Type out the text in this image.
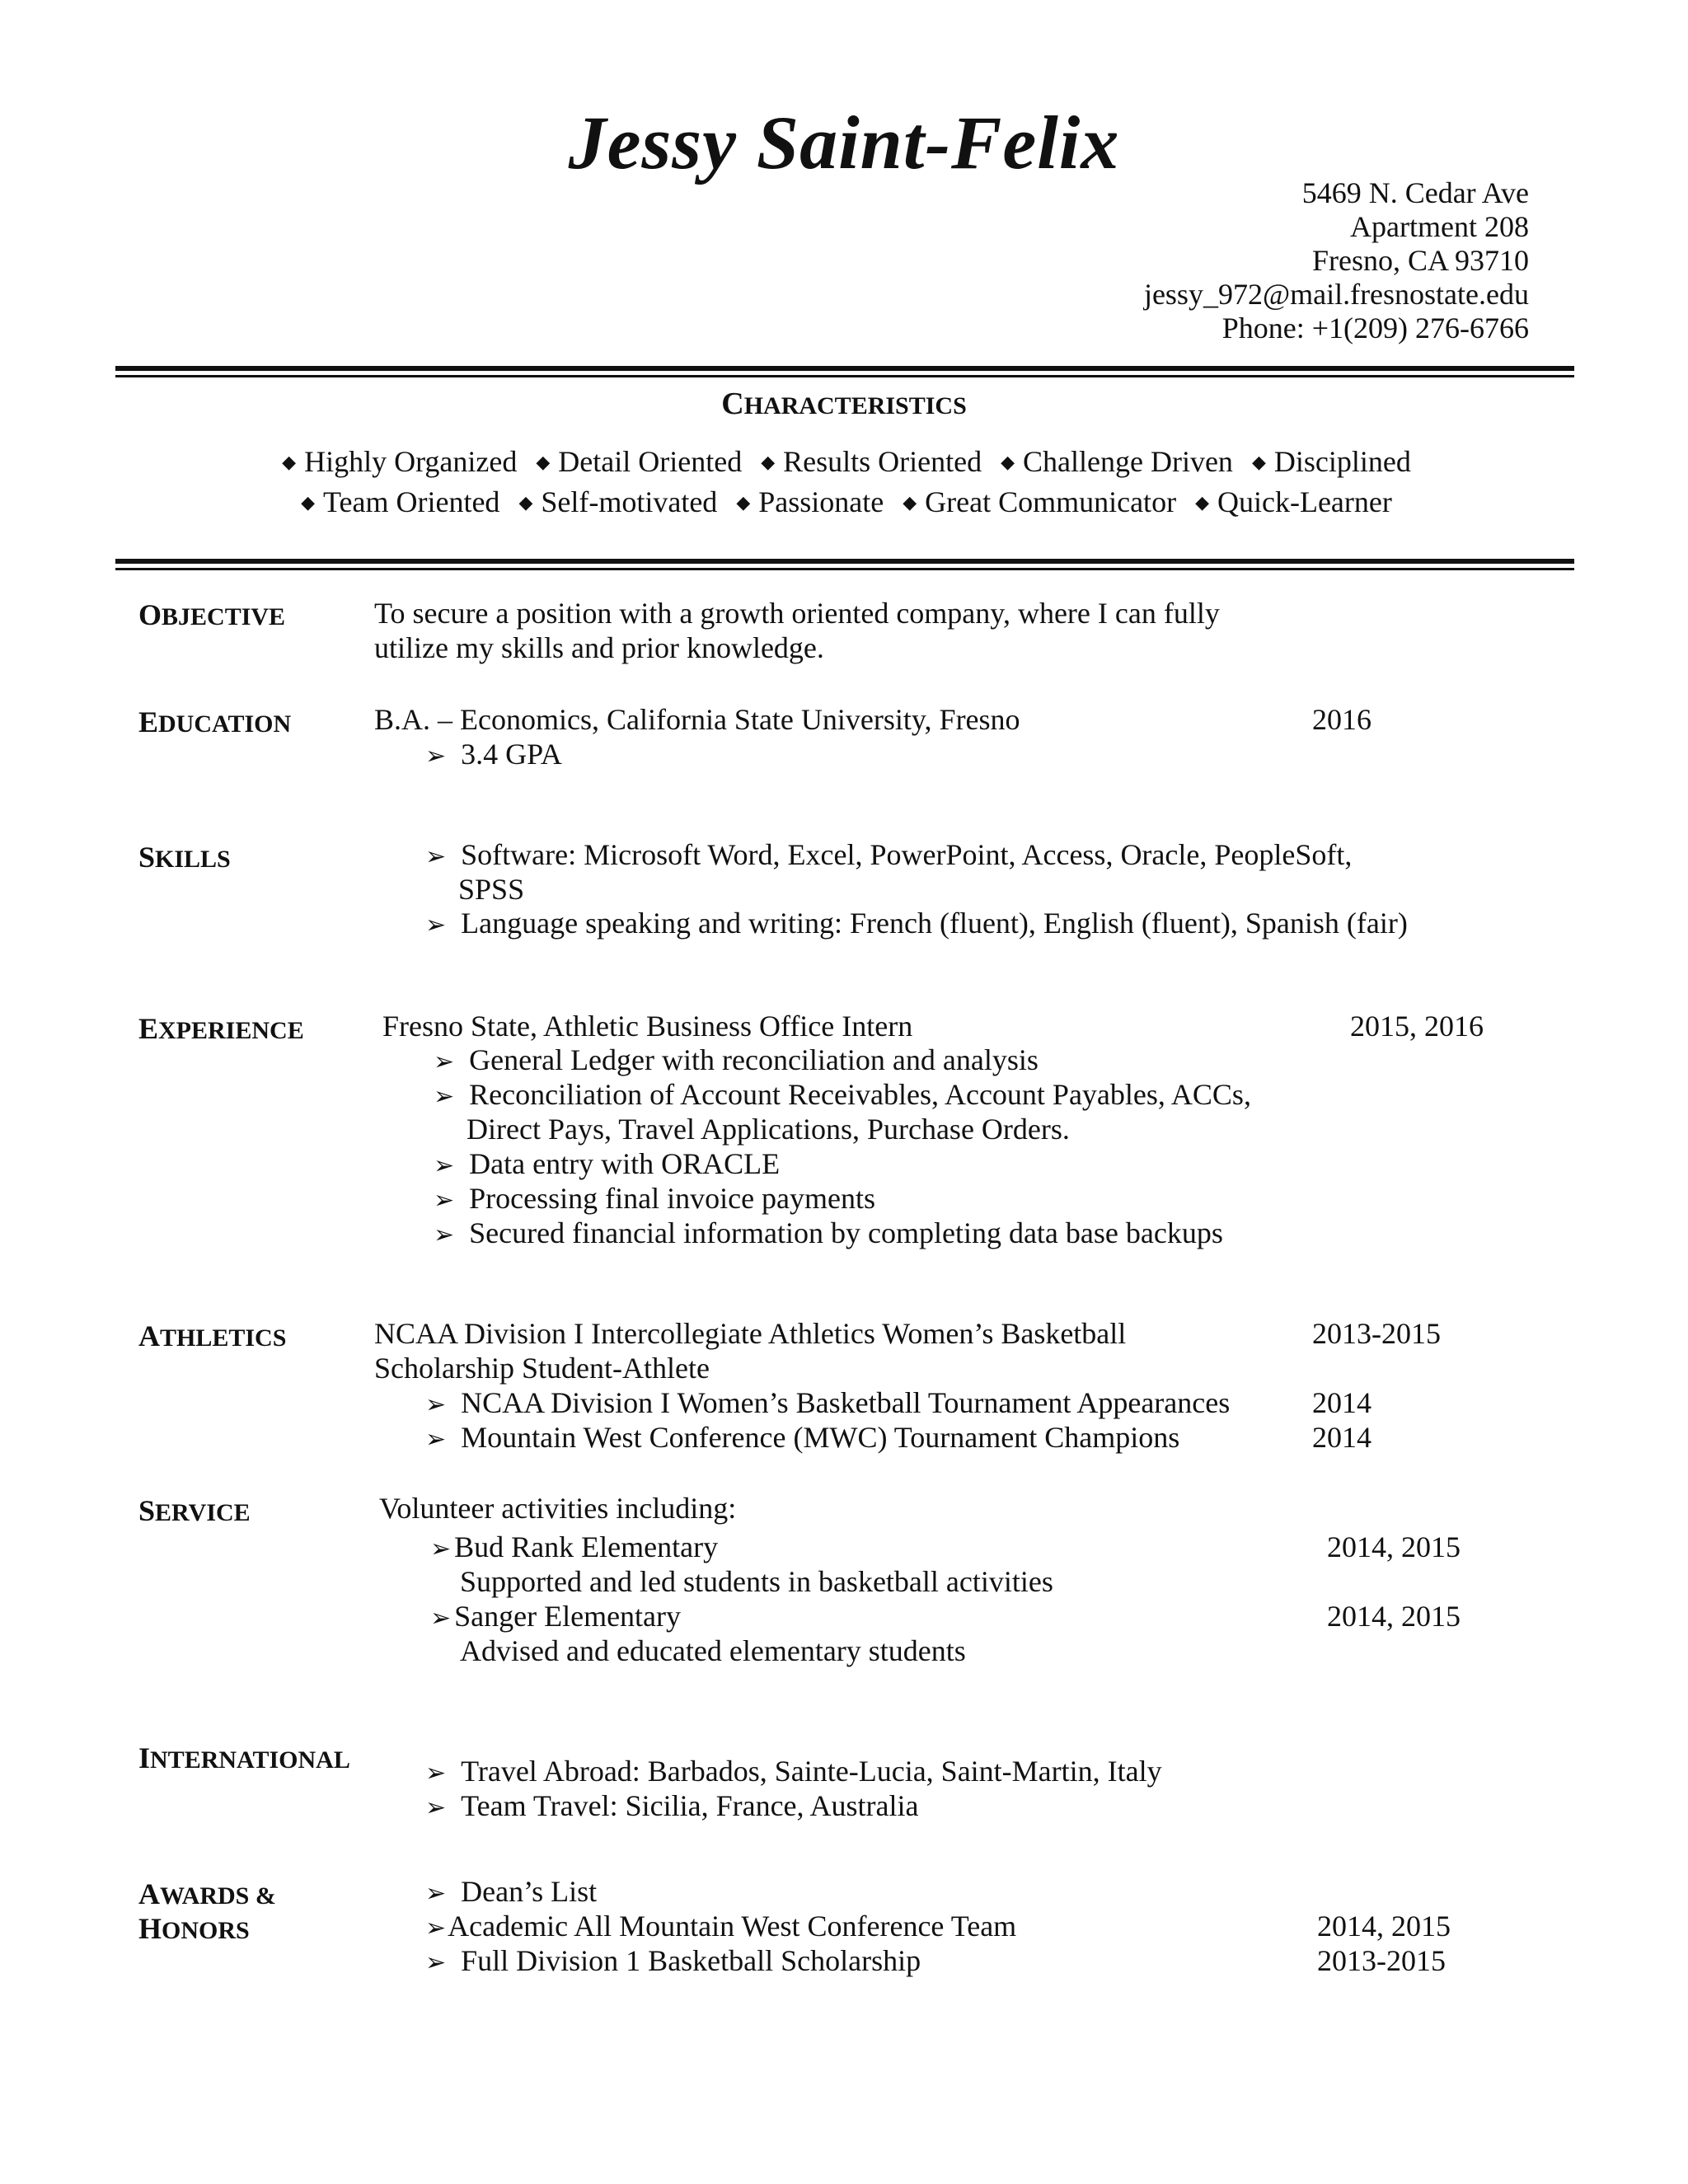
Jessy Saint-Felix
5469 N. Cedar Ave
Apartment 208
Fresno, CA 93710
jessy_972@mail.fresnostate.edu
Phone: +1(209) 276-6766
CHARACTERISTICS
◆ Highly Organized ◆ Detail Oriented ◆ Results Oriented ◆ Challenge Driven ◆ Disciplined
◆ Team Oriented ◆ Self-motivated ◆ Passionate ◆ Great Communicator ◆ Quick-Learner
OBJECTIVE	To secure a position with a growth oriented company, where I can fully
utilize my skills and prior knowledge.
EDUCATION	B.A. – Economics, California State University, Fresno	2016
➢ 3.4 GPA
SKILLS	➢ Software: Microsoft Word, Excel, PowerPoint, Access, Oracle, PeopleSoft,
SPSS
➢ Language speaking and writing: French (fluent), English (fluent), Spanish (fair)
EXPERIENCE	Fresno State, Athletic Business Office Intern	2015, 2016
➢ General Ledger with reconciliation and analysis
➢ Reconciliation of Account Receivables, Account Payables, ACCs,
Direct Pays, Travel Applications, Purchase Orders.
➢ Data entry with ORACLE
➢ Processing final invoice payments
➢ Secured financial information by completing data base backups
ATHLETICS	NCAA Division I Intercollegiate Athletics Women’s Basketball	2013-2015
Scholarship Student-Athlete
➢ NCAA Division I Women’s Basketball Tournament Appearances	2014
➢ Mountain West Conference (MWC) Tournament Champions	2014
SERVICE	Volunteer activities including:
➢ Bud Rank Elementary	2014, 2015
Supported and led students in basketball activities
➢ Sanger Elementary	2014, 2015
Advised and educated elementary students
INTERNATIONAL	➢ Travel Abroad: Barbados, Sainte-Lucia, Saint-Martin, Italy
➢ Team Travel: Sicilia, France, Australia
AWARDS &
HONORS
➢ Dean’s List
➢Academic All Mountain West Conference Team	2014, 2015
➢ Full Division 1 Basketball Scholarship	2013-2015
